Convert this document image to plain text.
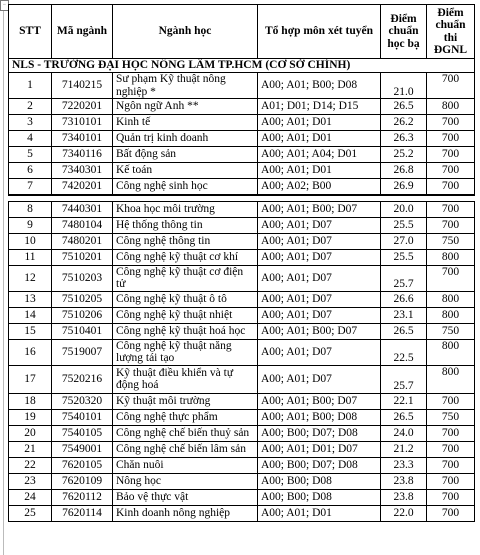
−
STT	Mã ngành	Ngành học	Tổ hợp môn xét tuyển	Điểm chuẩn học bạ	Điểm chuẩn thi ĐGNL
NLS - TRƯỜNG ĐẠI HỌC NÔNG LÂM TP.HCM (CƠ SỞ CHÍNH)					
1	7140215	Sư phạm Kỹ thuật nông nghiệp *	A00; A01; B00; D08	21.0	700
2	7220201	Ngôn ngữ Anh **	A01; D01; D14; D15	26.5	800
3	7310101	Kinh tế	A00; A01; D01	26.2	700
4	7340101	Quản trị kinh doanh	A00; A01; D01	26.3	700
5	7340116	Bất động sản	A00; A01; A04; D01	25.2	700
6	7340301	Kế toán	A00; A01; D01	26.8	700
7	7420201	Công nghệ sinh học	A00; A02; B00	26.9	700

8	7440301	Khoa học môi trường	A00; A01; B00; D07	20.0	700
9	7480104	Hệ thống thông tin	A00; A01; D07	25.5	700
10	7480201	Công nghệ thông tin	A00; A01; D07	27.0	750
11	7510201	Công nghệ kỹ thuật cơ khí	A00; A01; D07	25.5	800
12	7510203	Công nghệ kỹ thuật cơ điện tử	A00; A01; D07	25.7	700
13	7510205	Công nghệ kỹ thuật ô tô	A00; A01; D07	26.6	800
14	7510206	Công nghệ kỹ thuật nhiệt	A00; A01; D07	23.1	800
15	7510401	Công nghệ kỹ thuật hoá học	A00; A01; B00; D07	26.5	750
16	7519007	Công nghệ kỹ thuật năng lượng tái tạo	A00; A01; D07	22.5	800
17	7520216	Kỹ thuật điều khiển và tự động hoá	A00; A01; D07	25.7	800
18	7520320	Kỹ thuật môi trường	A00; A01; B00; D07	22.1	700
19	7540101	Công nghệ thực phẩm	A00; A01; B00; D08	26.5	750
20	7540105	Công nghệ chế biến thuỷ sản	A00; B00; D07; D08	24.0	700
21	7549001	Công nghệ chế biến lâm sản	A00; A01; D01; D07	21.2	700
22	7620105	Chăn nuôi	A00; B00; D07; D08	23.3	700
23	7620109	Nông học	A00; B00; D08	23.8	700
24	7620112	Bảo vệ thực vật	A00; B00; D08	23.8	700
25	7620114	Kinh doanh nông nghiệp	A00; A01; D01	22.0	700
